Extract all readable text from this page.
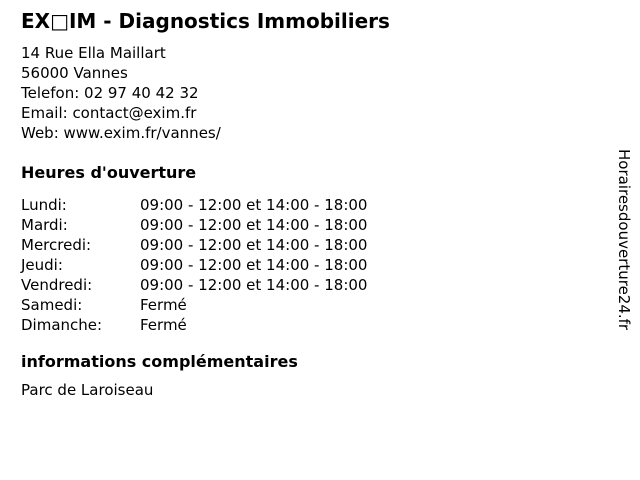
EX□IM - Diagnostics Immobiliers
14 Rue Ella Maillart
56000 Vannes
Telefon: 02 97 40 42 32
Email: contact@exim.fr
Web: www.exim.fr/vannes/
Heures d'ouverture
Lundi:	09:00 - 12:00 et 14:00 - 18:00
Mardi:	09:00 - 12:00 et 14:00 - 18:00
Mercredi:	09:00 - 12:00 et 14:00 - 18:00
Jeudi:	09:00 - 12:00 et 14:00 - 18:00
Vendredi:	09:00 - 12:00 et 14:00 - 18:00
Samedi:	Fermé
Dimanche:	Fermé
informations complémentaires
Parc de Laroiseau
Horairesdouverture24.fr
